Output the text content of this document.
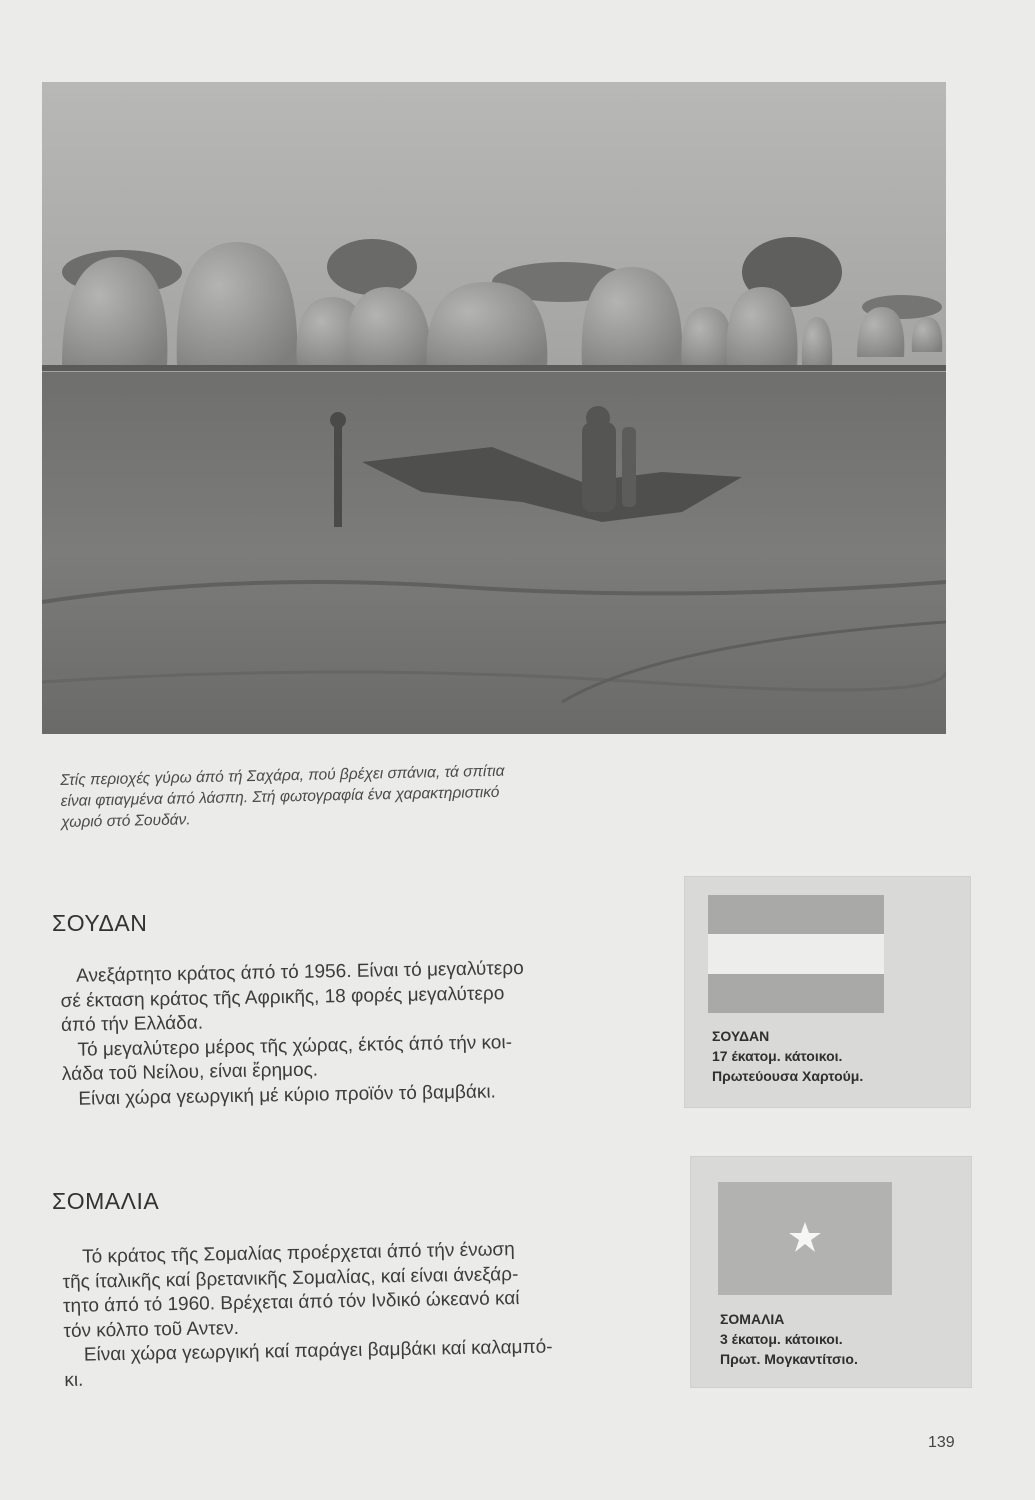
Στίς περιοχές γύρω άπό τή Σαχάρα, πού βρέχει σπάνια, τά σπίτια
είναι φτιαγμένα άπό λάσπη. Στή φωτογραφία ένα χαρακτηριστικό
χωριό στό Σουδάν.
ΣΟΥΔΑΝ
Ανεξάρτητο κράτος άπό τό 1956. Είναι τό μεγαλύτερο
σέ έκταση κράτος τῆς Αφρικῆς, 18 φορές μεγαλύτερο
άπό τήν Ελλάδα.
Τό μεγαλύτερο μέρος τῆς χώρας, έκτός άπό τήν κοι-
λάδα τοῦ Νείλου, είναι ἔρημος.
Είναι χώρα γεωργική μέ κύριο προϊόν τό βαμβάκι.
ΣΟΥΔΑΝ
17 έκατομ. κάτοικοι.
Πρωτεύουσα Χαρτούμ.
ΣΟΜΑΛΙΑ
Τό κράτος τῆς Σομαλίας προέρχεται άπό τήν ένωση
τῆς ίταλικῆς καί βρετανικῆς Σομαλίας, καί είναι άνεξάρ-
τητο άπό τό 1960. Βρέχεται άπό τόν Ινδικό ώκεανό καί
τόν κόλπο τοῦ Αντεν.
Είναι χώρα γεωργική καί παράγει βαμβάκι καί καλαμπό-
κι.
ΣΟΜΑΛΙΑ
3 έκατομ. κάτοικοι.
Πρωτ. Μογκαντίτσιο.
139
